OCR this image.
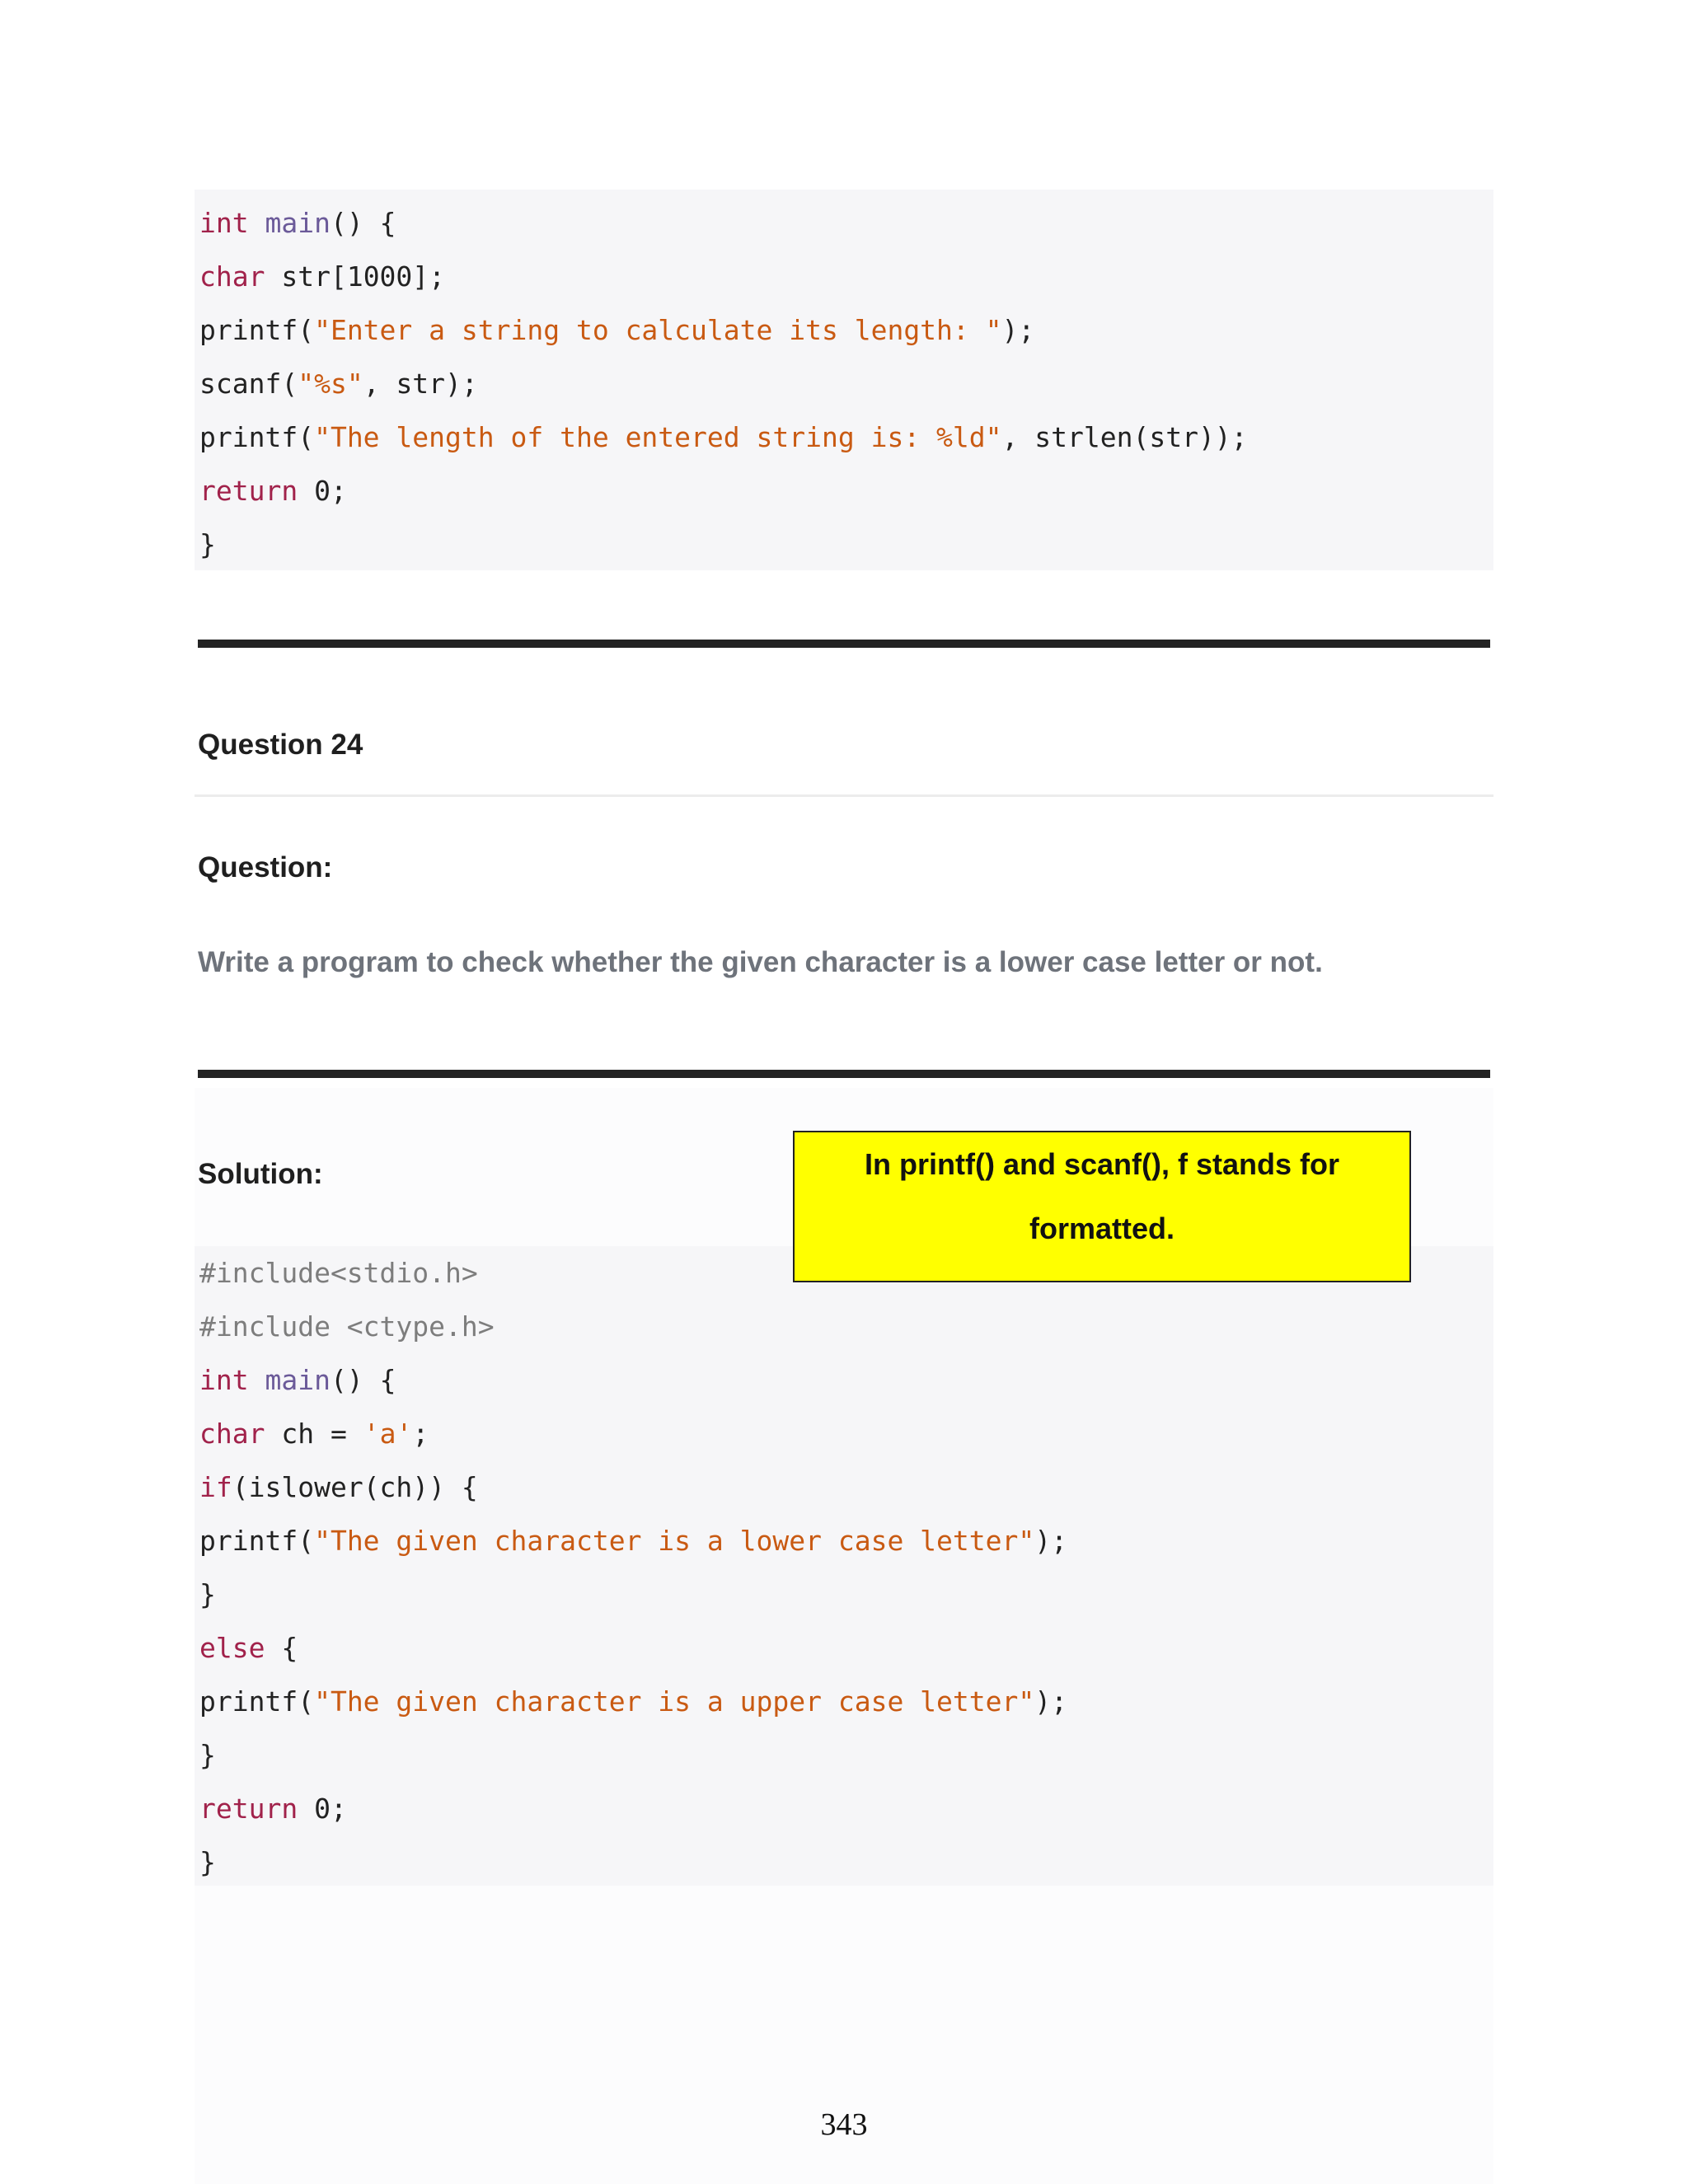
int main() {
char str[1000];
printf("Enter a string to calculate its length: ");
scanf("%s", str);
printf("The length of the entered string is: %ld", strlen(str));
return 0;
}
Question 24
Question:
Write a program to check whether the given character is a lower case letter or not.
Solution:
#include<stdio.h>
#include <ctype.h>
int main() {
char ch = 'a';
if(islower(ch)) {
printf("The given character is a lower case letter");
}
else {
printf("The given character is a upper case letter");
}
return 0;
}
In printf() and scanf(), f stands for
formatted.
343
